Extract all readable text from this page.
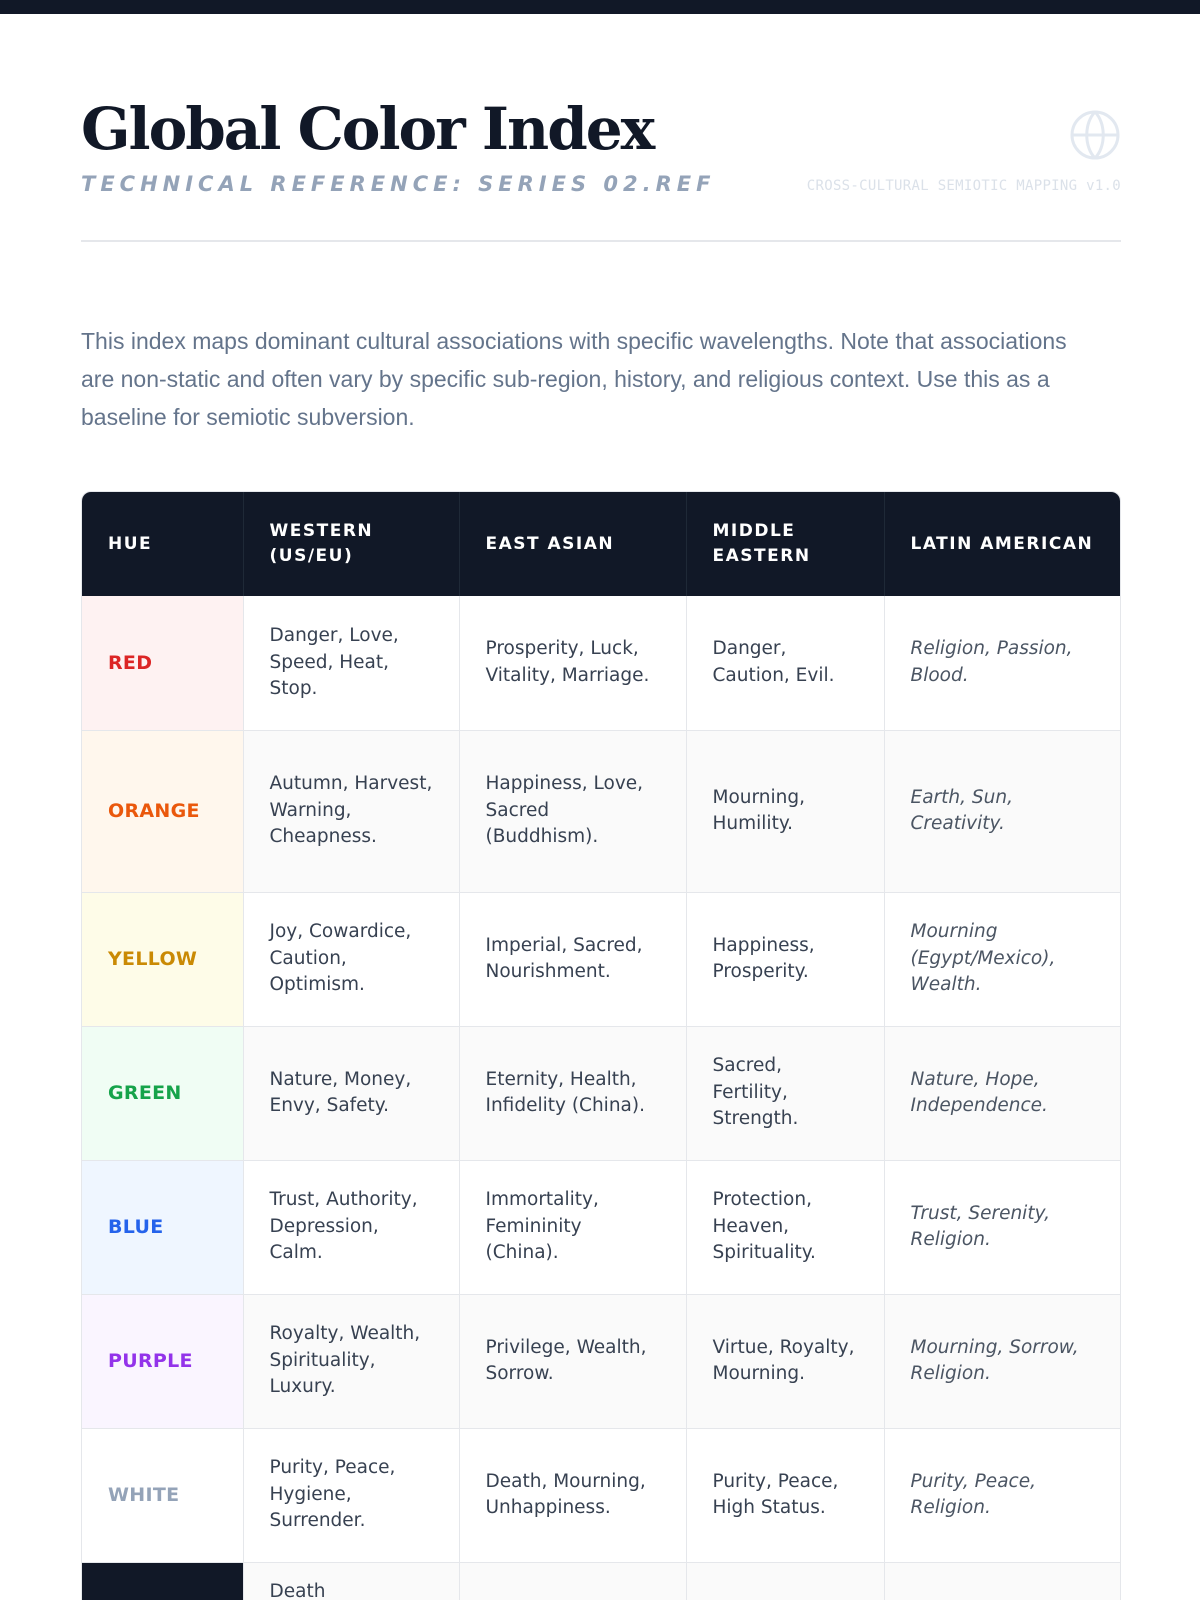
Global Color Index
TECHNICAL REFERENCE: SERIES 02.REF	CROSS-CULTURAL SEMIOTIC MAPPING v1.0

This index maps dominant cultural associations with specific wavelengths. Note that associations are non-static and often vary by specific sub-region, history, and religious context. Use this as a baseline for semiotic subversion.

HUE	WESTERN (US/EU)	EAST ASIAN	MIDDLE EASTERN	LATIN AMERICAN
RED	Danger, Love, Speed, Heat, Stop.	Prosperity, Luck, Vitality, Marriage.	Danger, Caution, Evil.	Religion, Passion, Blood.
ORANGE	Autumn, Harvest, Warning, Cheapness.	Happiness, Love, Sacred (Buddhism).	Mourning, Humility.	Earth, Sun, Creativity.
YELLOW	Joy, Cowardice, Caution, Optimism.	Imperial, Sacred, Nourishment.	Happiness, Prosperity.	Mourning (Egypt/Mexico), Wealth.
GREEN	Nature, Money, Envy, Safety.	Eternity, Health, Infidelity (China).	Sacred, Fertility, Strength.	Nature, Hope, Independence.
BLUE	Trust, Authority, Depression, Calm.	Immortality, Femininity (China).	Protection, Heaven, Spirituality.	Trust, Serenity, Religion.
PURPLE	Royalty, Wealth, Spirituality, Luxury.	Privilege, Wealth, Sorrow.	Virtue, Royalty, Mourning.	Mourning, Sorrow, Religion.
WHITE	Purity, Peace, Hygiene, Surrender.	Death, Mourning, Unhappiness.	Purity, Peace, High Status.	Purity, Peace, Religion.
	Death			
